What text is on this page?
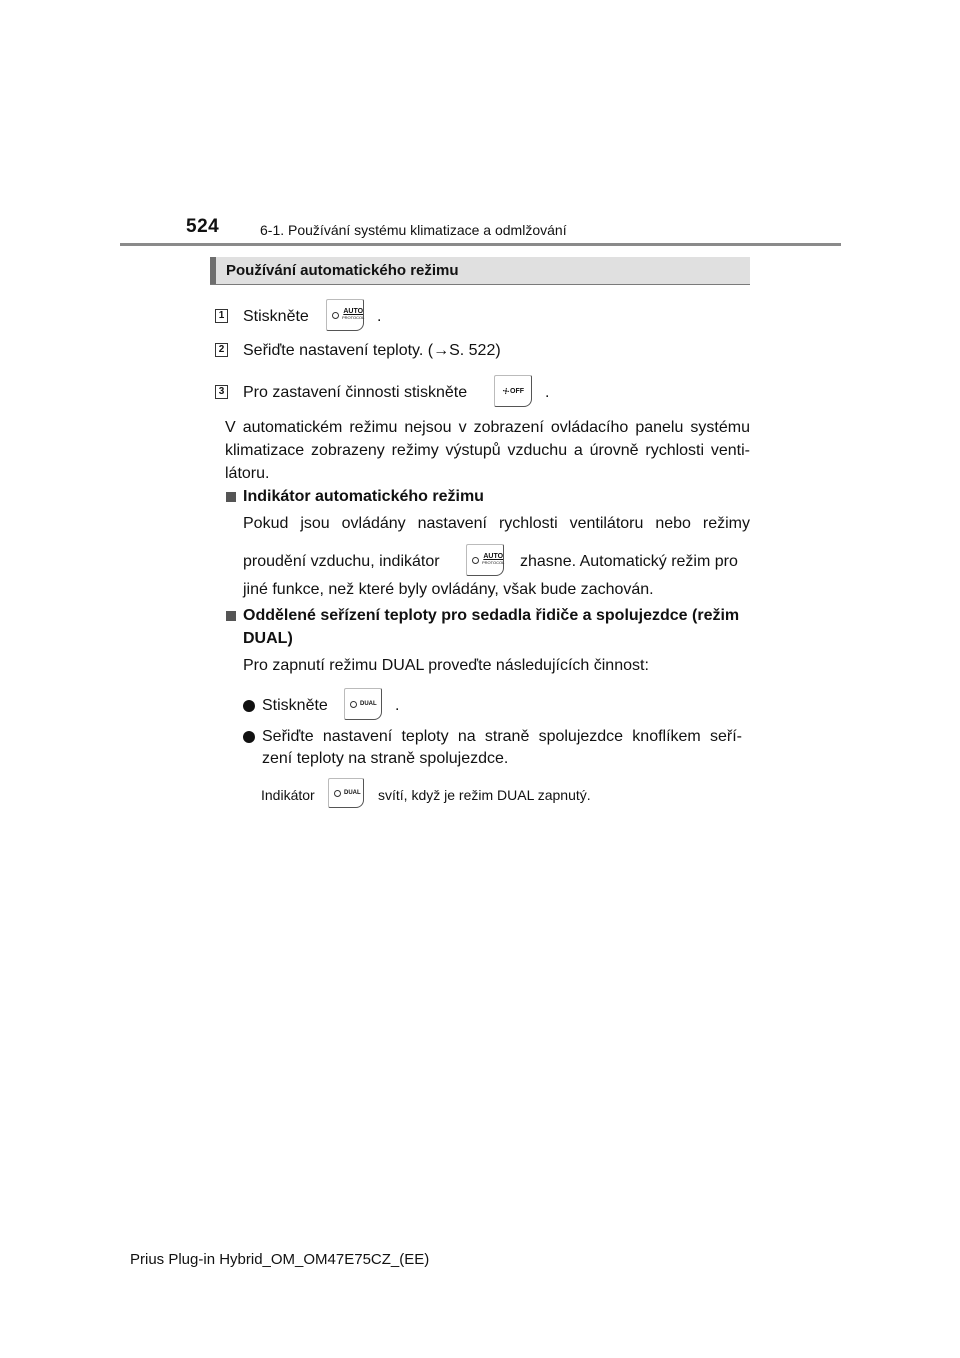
524	6-1. Používání systému klimatizace a odmlžování
Používání automatického režimu
1 Stiskněte	AUTO
PROTOCOL .
2 Seřiďte nastavení teploty. (→S. 522)
3 Pro zastavení činnosti stiskněte	OFF .
V automatickém režimu nejsou v zobrazení ovládacího panelu systému
klimatizace zobrazeny režimy výstupů vzduchu a úrovně rychlosti venti-
látoru.
Indikátor automatického režimu
Pokud jsou ovládány nastavení rychlosti ventilátoru nebo režimy
proudění vzduchu, indikátor	AUTO
PROTOCOL zhasne. Automatický režim pro
jiné funkce, než které byly ovládány, však bude zachován.
Oddělené seřízení teploty pro sedadla řidiče a spolujezdce (režim
DUAL)
Pro zapnutí režimu DUAL proveďte následujících činnost:
Stiskněte	DUAL .
Seřiďte nastavení teploty na straně spolujezdce knoflíkem seří-
zení teploty na straně spolujezdce.
Indikátor	DUAL svítí, když je režim DUAL zapnutý.
Prius Plug-in Hybrid_OM_OM47E75CZ_(EE)
